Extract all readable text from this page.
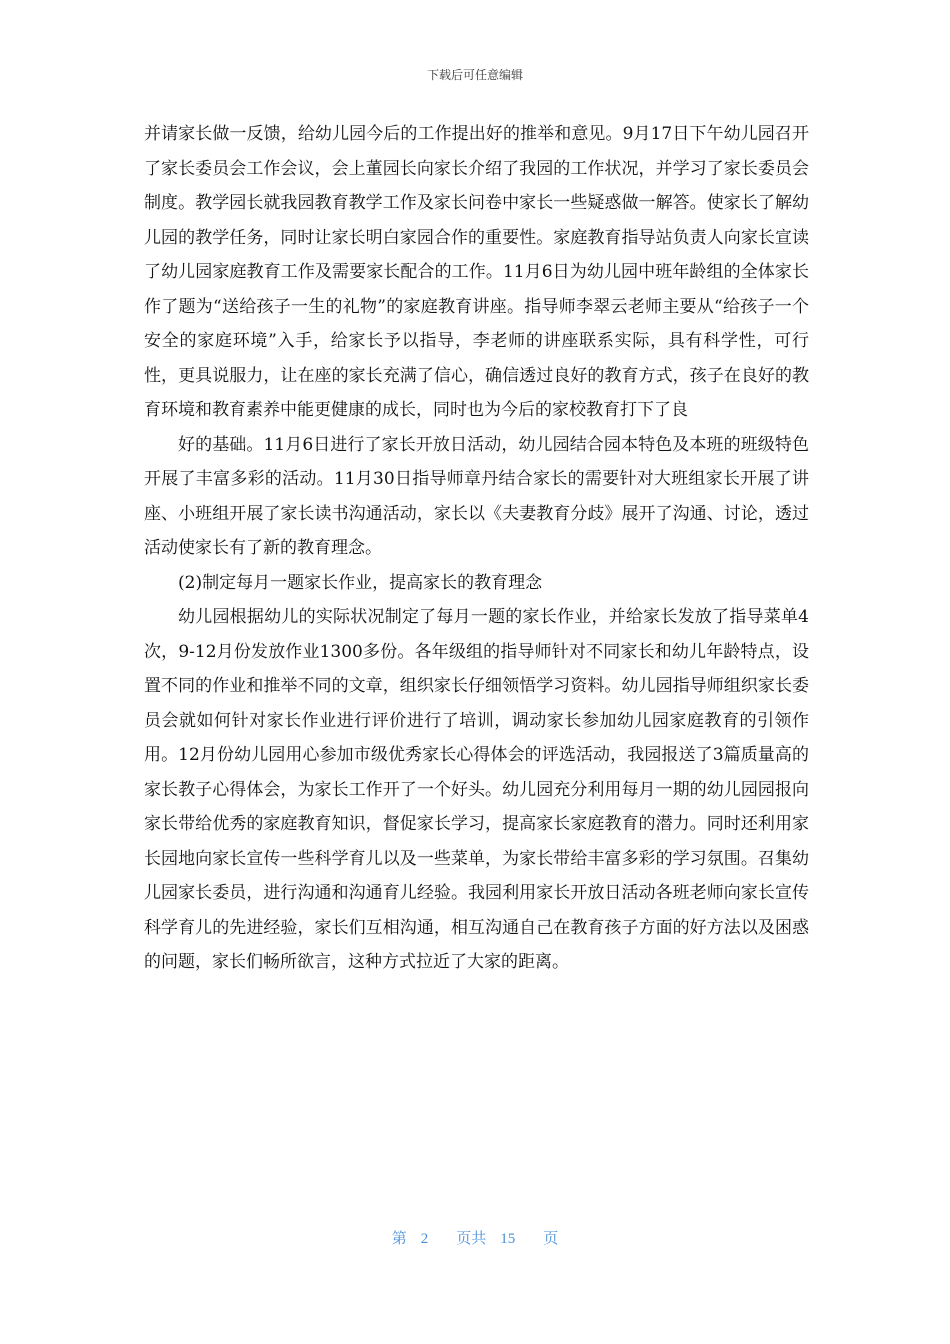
下载后可任意编辑

并请家长做一反馈，给幼儿园今后的工作提出好的推举和意见。9月17日下午幼儿园召开了家长委员会工作会议，会上董园长向家长介绍了我园的工作状况，并学习了家长委员会制度。教学园长就我园教育教学工作及家长问卷中家长一些疑惑做一解答。使家长了解幼儿园的教学任务，同时让家长明白家园合作的重要性。家庭教育指导站负责人向家长宣读了幼儿园家庭教育工作及需要家长配合的工作。11月6日为幼儿园中班年龄组的全体家长作了题为“送给孩子一生的礼物”的家庭教育讲座。指导师李翠云老师主要从“给孩子一个安全的家庭环境”入手，给家长予以指导，李老师的讲座联系实际，具有科学性，可行性，更具说服力，让在座的家长充满了信心，确信透过良好的教育方式，孩子在良好的教育环境和教育素养中能更健康的成长，同时也为今后的家校教育打下了良

好的基础。11月6日进行了家长开放日活动，幼儿园结合园本特色及本班的班级特色开展了丰富多彩的活动。11月30日指导师章丹结合家长的需要针对大班组家长开展了讲座、小班组开展了家长读书沟通活动，家长以《夫妻教育分歧》展开了沟通、讨论，透过活动使家长有了新的教育理念。

(2)制定每月一题家长作业，提高家长的教育理念

幼儿园根据幼儿的实际状况制定了每月一题的家长作业，并给家长发放了指导菜单4次，9-12月份发放作业1300多份。各年级组的指导师针对不同家长和幼儿年龄特点，设置不同的作业和推举不同的文章，组织家长仔细领悟学习资料。幼儿园指导师组织家长委员会就如何针对家长作业进行评价进行了培训，调动家长参加幼儿园家庭教育的引领作用。12月份幼儿园用心参加市级优秀家长心得体会的评选活动，我园报送了3篇质量高的家长教子心得体会，为家长工作开了一个好头。幼儿园充分利用每月一期的幼儿园园报向家长带给优秀的家庭教育知识，督促家长学习，提高家长家庭教育的潜力。同时还利用家长园地向家长宣传一些科学育儿以及一些菜单，为家长带给丰富多彩的学习氛围。召集幼儿园家长委员，进行沟通和沟通育儿经验。我园利用家长开放日活动各班老师向家长宣传科学育儿的先进经验，家长们互相沟通，相互沟通自己在教育孩子方面的好方法以及困惑的问题，家长们畅所欲言，这种方式拉近了大家的距离。

第 2 页共 15 页
